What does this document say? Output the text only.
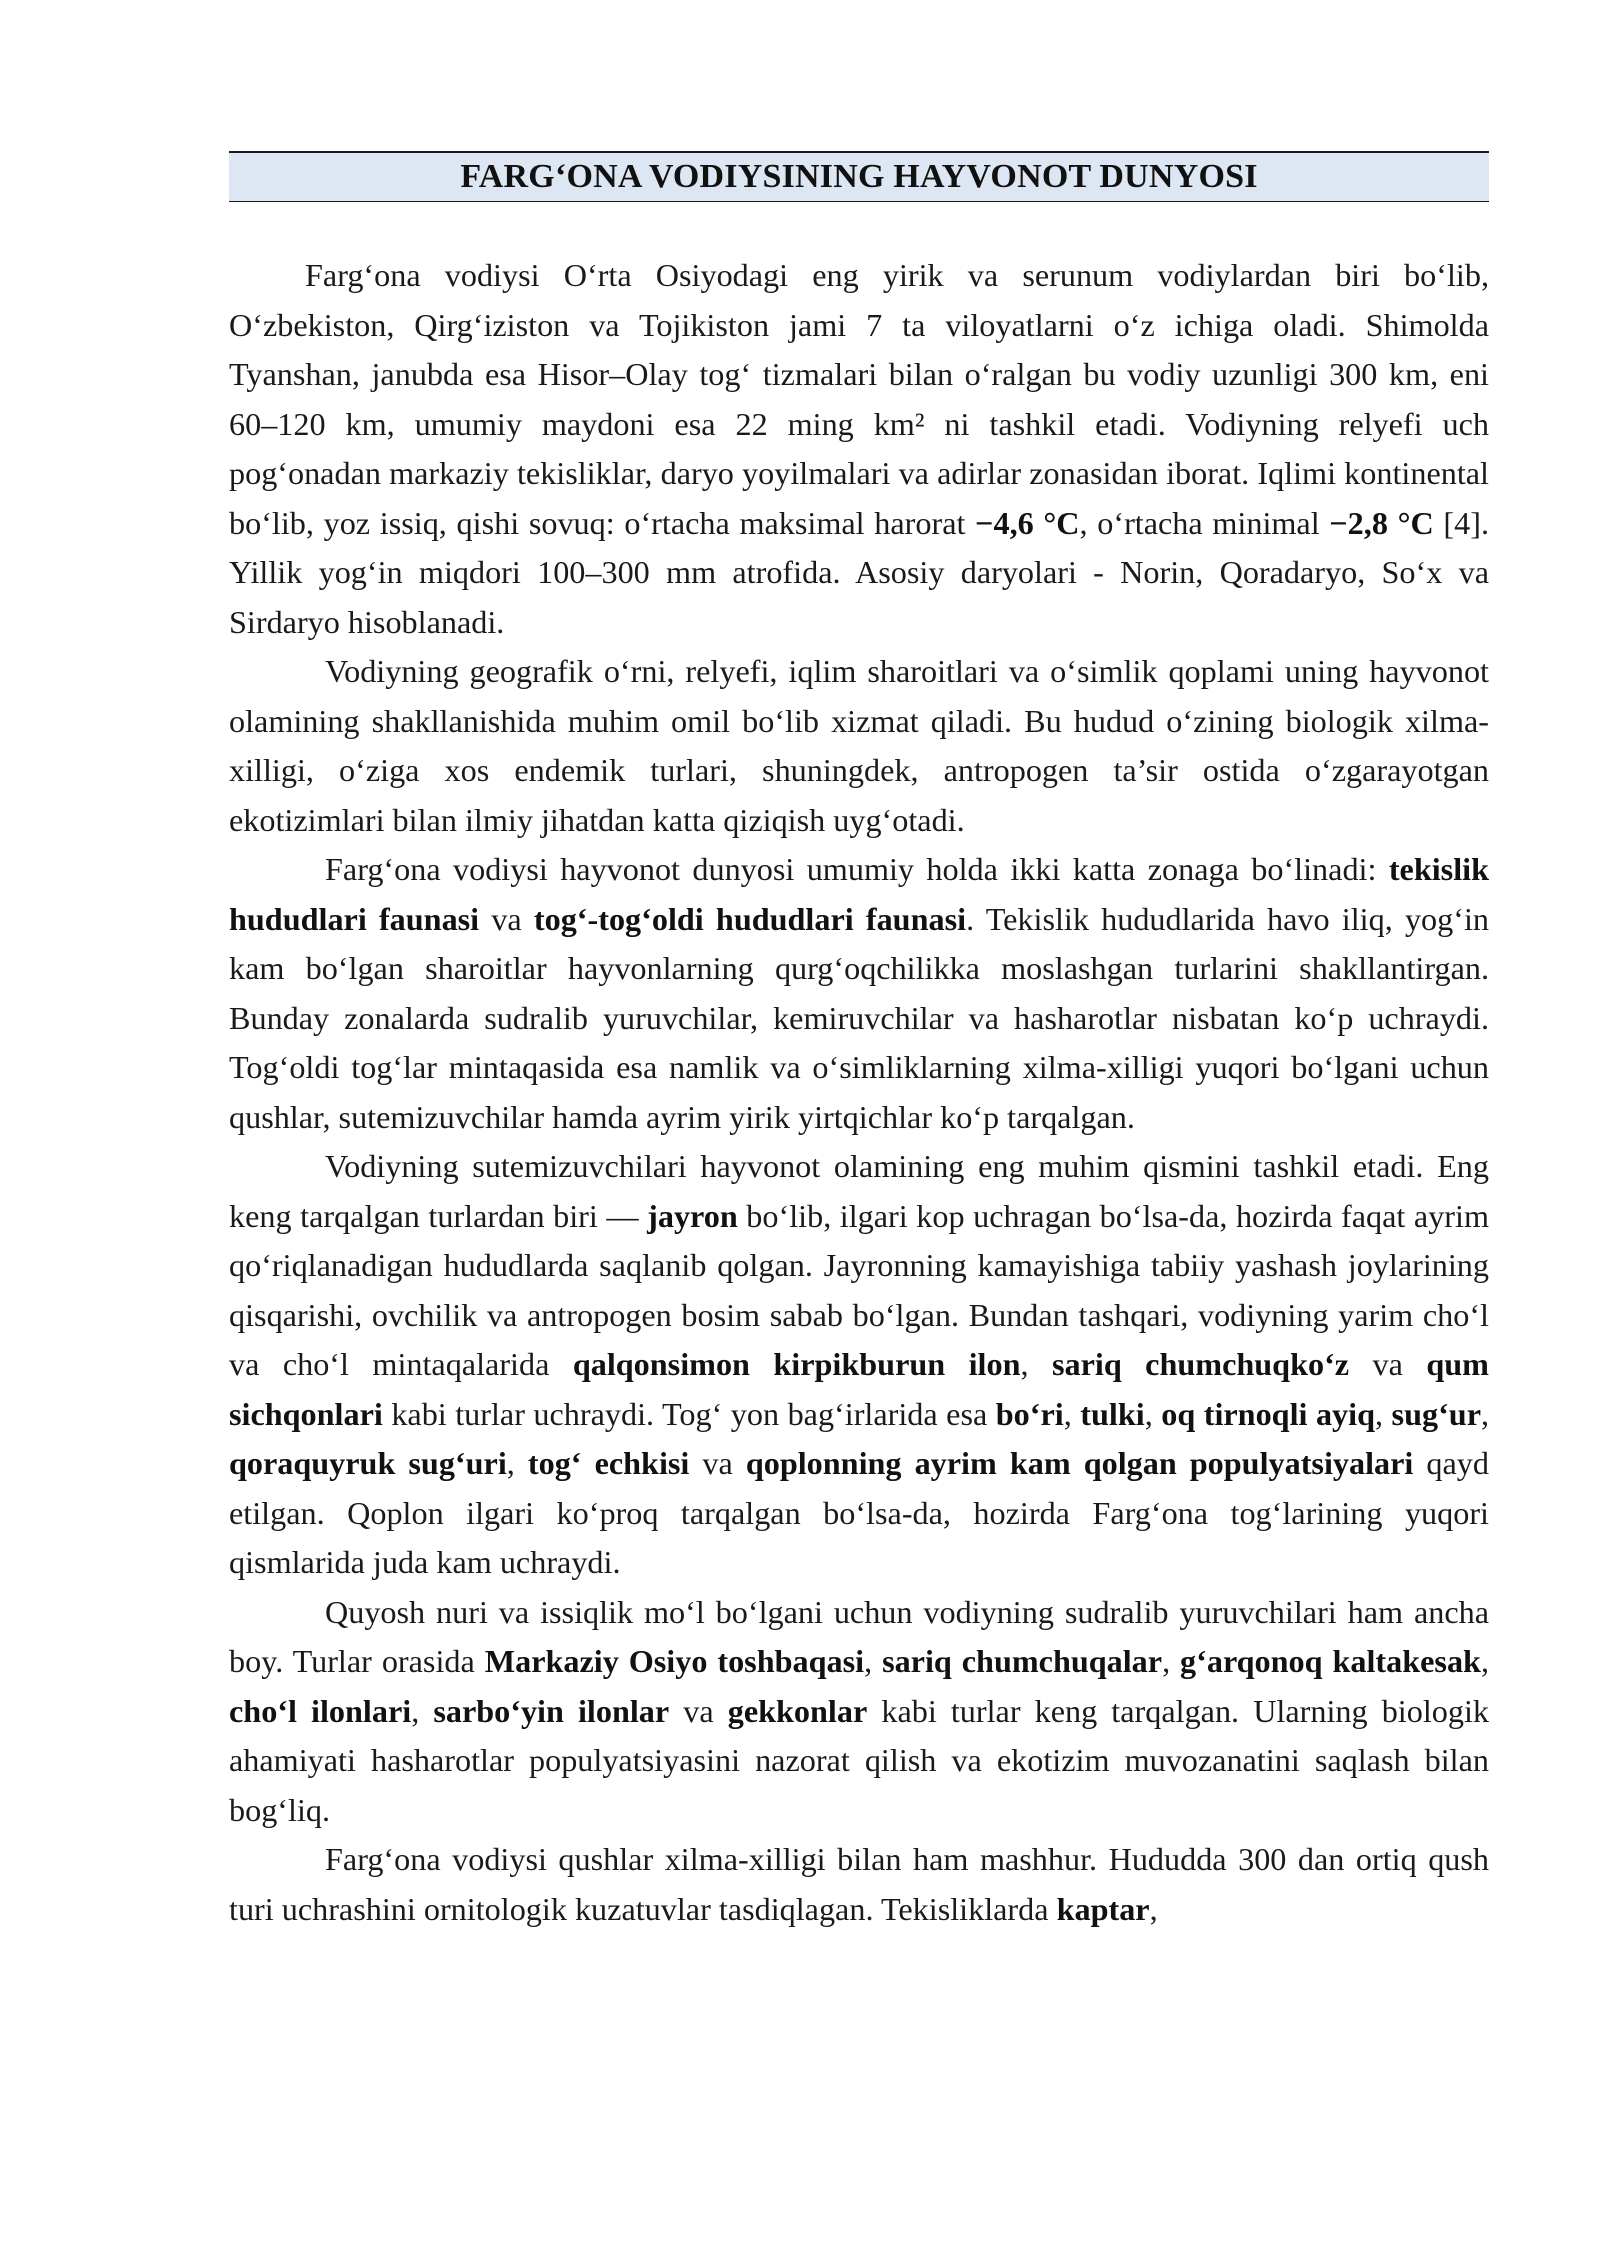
FARG‘ONA VODIYSINING HAYVONOT DUNYOSI

Farg‘ona vodiysi O‘rta Osiyodagi eng yirik va serunum vodiylardan biri bo‘lib, O‘zbekiston, Qirg‘iziston va Tojikiston jami 7 ta viloyatlarni o‘z ichiga oladi. Shimolda Tyanshan, janubda esa Hisor–Olay tog‘ tizmalari bilan o‘ralgan bu vodiy uzunligi 300 km, eni 60–120 km, umumiy maydoni esa 22 ming km² ni tashkil etadi. Vodiyning relyefi uch pog‘onadan markaziy tekisliklar, daryo yoyilmalari va adirlar zonasidan iborat. Iqlimi kontinental bo‘lib, yoz issiq, qishi sovuq: o‘rtacha maksimal harorat −4,6 °C, o‘rtacha minimal −2,8 °C [4]. Yillik yog‘in miqdori 100–300 mm atrofida. Asosiy daryolari - Norin, Qoradaryo, So‘x va Sirdaryo hisoblanadi.

Vodiyning geografik o‘rni, relyefi, iqlim sharoitlari va o‘simlik qoplami uning hayvonot olamining shakllanishida muhim omil bo‘lib xizmat qiladi. Bu hudud o‘zining biologik xilma-xilligi, o‘ziga xos endemik turlari, shuningdek, antropogen ta’sir ostida o‘zgarayotgan ekotizimlari bilan ilmiy jihatdan katta qiziqish uyg‘otadi.

Farg‘ona vodiysi hayvonot dunyosi umumiy holda ikki katta zonaga bo‘linadi: tekislik hududlari faunasi va tog‘-tog‘oldi hududlari faunasi. Tekislik hududlarida havo iliq, yog‘in kam bo‘lgan sharoitlar hayvonlarning qurg‘oqchilikka moslashgan turlarini shakllantirgan. Bunday zonalarda sudralib yuruvchilar, kemiruvchilar va hasharotlar nisbatan ko‘p uchraydi. Tog‘oldi tog‘lar mintaqasida esa namlik va o‘simliklarning xilma-xilligi yuqori bo‘lgani uchun qushlar, sutemizuvchilar hamda ayrim yirik yirtqichlar ko‘p tarqalgan.

Vodiyning sutemizuvchilari hayvonot olamining eng muhim qismini tashkil etadi. Eng keng tarqalgan turlardan biri — jayron bo‘lib, ilgari kop uchragan bo‘lsa-da, hozirda faqat ayrim qo‘riqlanadigan hududlarda saqlanib qolgan. Jayronning kamayishiga tabiiy yashash joylarining qisqarishi, ovchilik va antropogen bosim sabab bo‘lgan. Bundan tashqari, vodiyning yarim cho‘l va cho‘l mintaqalarida qalqonsimon kirpikburun ilon, sariq chumchuqko‘z va qum sichqonlari kabi turlar uchraydi. Tog‘ yon bag‘irlarida esa bo‘ri, tulki, oq tirnoqli ayiq, sug‘ur, qoraquyruk sug‘uri, tog‘ echkisi va qoplonning ayrim kam qolgan populyatsiyalari qayd etilgan. Qoplon ilgari ko‘proq tarqalgan bo‘lsa-da, hozirda Farg‘ona tog‘larining yuqori qismlarida juda kam uchraydi.

Quyosh nuri va issiqlik mo‘l bo‘lgani uchun vodiyning sudralib yuruvchilari ham ancha boy. Turlar orasida Markaziy Osiyo toshbaqasi, sariq chumchuqalar, g‘arqonoq kaltakesak, cho‘l ilonlari, sarbo‘yin ilonlar va gekkonlar kabi turlar keng tarqalgan. Ularning biologik ahamiyati hasharotlar populyatsiyasini nazorat qilish va ekotizim muvozanatini saqlash bilan bog‘liq.

Farg‘ona vodiysi qushlar xilma-xilligi bilan ham mashhur. Hududda 300 dan ortiq qush turi uchrashini ornitologik kuzatuvlar tasdiqlagan. Tekisliklarda kaptar,
